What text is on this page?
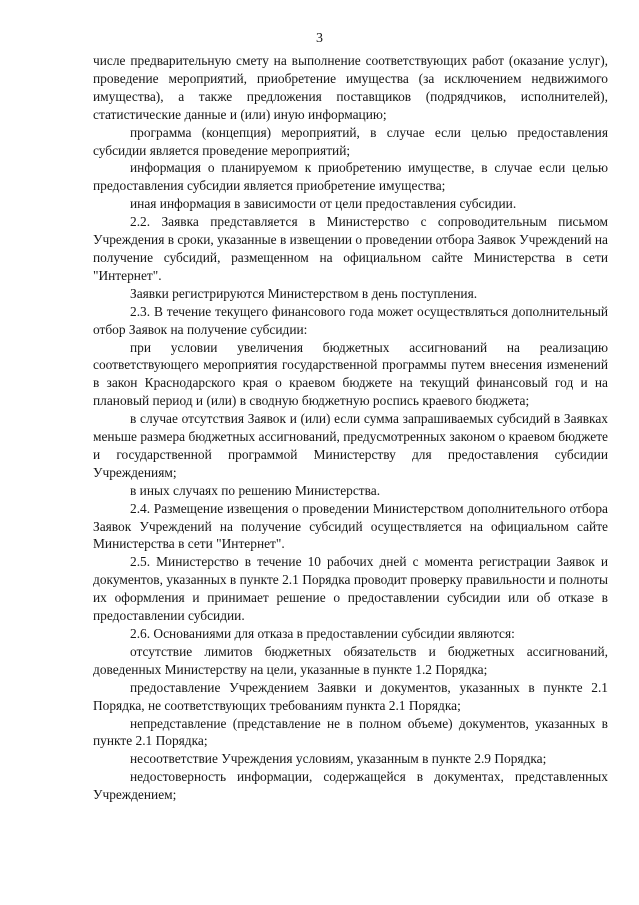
3

числе предварительную смету на выполнение соответствующих работ (оказание услуг), проведение мероприятий, приобретение имущества (за исключением недвижимого имущества), а также предложения поставщиков (подрядчиков, исполнителей), статистические данные и (или) иную информацию;

программа (концепция) мероприятий, в случае если целью предоставления субсидии является проведение мероприятий;

информация о планируемом к приобретению имуществе, в случае если целью предоставления субсидии является приобретение имущества;

иная информация в зависимости от цели предоставления субсидии.

2.2. Заявка представляется в Министерство с сопроводительным письмом Учреждения в сроки, указанные в извещении о проведении отбора Заявок Учреждений на получение субсидий, размещенном на официальном сайте Министерства в сети "Интернет".

Заявки регистрируются Министерством в день поступления.

2.3. В течение текущего финансового года может осуществляться дополнительный отбор Заявок на получение субсидии:

при условии увеличения бюджетных ассигнований на реализацию соответствующего мероприятия государственной программы путем внесения изменений в закон Краснодарского края о краевом бюджете на текущий финансовый год и на плановый период и (или) в сводную бюджетную роспись краевого бюджета;

в случае отсутствия Заявок и (или) если сумма запрашиваемых субсидий в Заявках меньше размера бюджетных ассигнований, предусмотренных законом о краевом бюджете и государственной программой Министерству для предоставления субсидии Учреждениям;

в иных случаях по решению Министерства.

2.4. Размещение извещения о проведении Министерством дополнительного отбора Заявок Учреждений на получение субсидий осуществляется на официальном сайте Министерства в сети "Интернет".

2.5. Министерство в течение 10 рабочих дней с момента регистрации Заявок и документов, указанных в пункте 2.1 Порядка проводит проверку правильности и полноты их оформления и принимает решение о предоставлении субсидии или об отказе в предоставлении субсидии.

2.6. Основаниями для отказа в предоставлении субсидии являются:

отсутствие лимитов бюджетных обязательств и бюджетных ассигнований, доведенных Министерству на цели, указанные в пункте 1.2 Порядка;

предоставление Учреждением Заявки и документов, указанных в пункте 2.1 Порядка, не соответствующих требованиям пункта 2.1 Порядка;

непредставление (представление не в полном объеме) документов, указанных в пункте 2.1 Порядка;

несоответствие Учреждения условиям, указанным в пункте 2.9 Порядка;

недостоверность информации, содержащейся в документах, представленных Учреждением;
